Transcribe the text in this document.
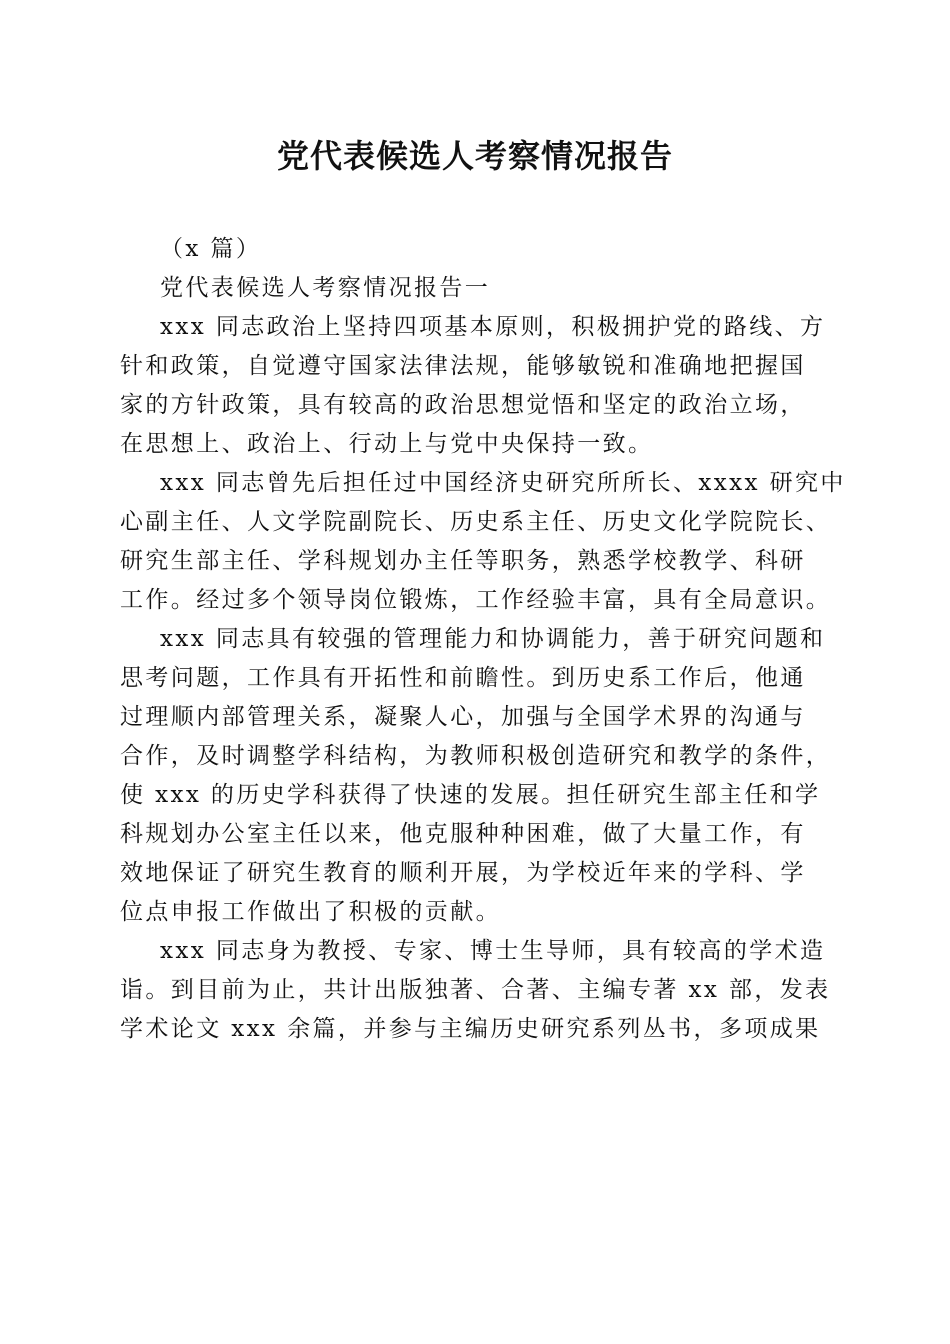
党代表候选人考察情况报告

（x 篇）

党代表候选人考察情况报告一

xxx 同志政治上坚持四项基本原则，积极拥护党的路线、方

针和政策，自觉遵守国家法律法规，能够敏锐和准确地把握国

家的方针政策，具有较高的政治思想觉悟和坚定的政治立场，

在思想上、政治上、行动上与党中央保持一致。

xxx 同志曾先后担任过中国经济史研究所所长、xxxx 研究中

心副主任、人文学院副院长、历史系主任、历史文化学院院长、

研究生部主任、学科规划办主任等职务，熟悉学校教学、科研

工作。经过多个领导岗位锻炼，工作经验丰富，具有全局意识。

xxx 同志具有较强的管理能力和协调能力，善于研究问题和

思考问题，工作具有开拓性和前瞻性。到历史系工作后，他通

过理顺内部管理关系，凝聚人心，加强与全国学术界的沟通与

合作，及时调整学科结构，为教师积极创造研究和教学的条件，

使 xxx 的历史学科获得了快速的发展。担任研究生部主任和学

科规划办公室主任以来，他克服种种困难，做了大量工作，有

效地保证了研究生教育的顺利开展，为学校近年来的学科、学

位点申报工作做出了积极的贡献。

xxx 同志身为教授、专家、博士生导师，具有较高的学术造

诣。到目前为止，共计出版独著、合著、主编专著 xx 部，发表

学术论文 xxx 余篇，并参与主编历史研究系列丛书，多项成果
